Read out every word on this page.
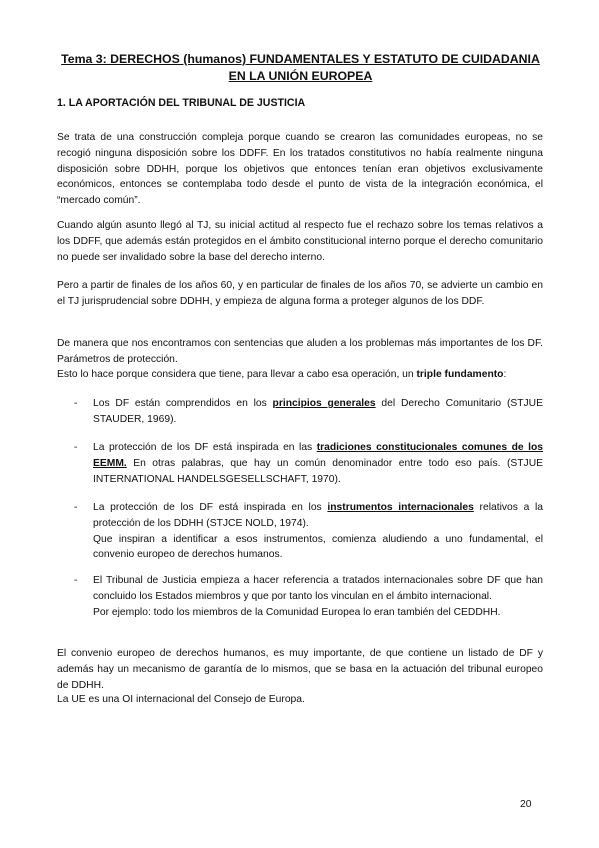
Tema 3: DERECHOS (humanos) FUNDAMENTALES Y ESTATUTO DE CUIDADANIA EN LA UNIÓN EUROPEA
1. LA APORTACIÓN DEL TRIBUNAL DE JUSTICIA

Se trata de una construcción compleja porque cuando se crearon las comunidades europeas, no se recogió ninguna disposición sobre los DDFF. En los tratados constitutivos no había realmente ninguna disposición sobre DDHH, porque los objetivos que entonces tenían eran objetivos exclusivamente económicos, entonces se contemplaba todo desde el punto de vista de la integración económica, el “mercado común”.

Cuando algún asunto llegó al TJ, su inicial actitud al respecto fue el rechazo sobre los temas relativos a los DDFF, que además están protegidos en el ámbito constitucional interno porque el derecho comunitario no puede ser invalidado sobre la base del derecho interno.

Pero a partir de finales de los años 60, y en particular de finales de los años 70, se advierte un cambio en el TJ jurisprudencial sobre DDHH, y empieza de alguna forma a proteger algunos de los DDF.

De manera que nos encontramos con sentencias que aluden a los problemas más importantes de los DF. Parámetros de protección.

Esto lo hace porque considera que tiene, para llevar a cabo esa operación, un triple fundamento:

- Los DF están comprendidos en los principios generales del Derecho Comunitario (STJUE STAUDER, 1969).
- La protección de los DF está inspirada en las tradiciones constitucionales comunes de los EEMM. En otras palabras, que hay un común denominador entre todo eso país. (STJUE INTERNATIONAL HANDELSGESELLSCHAFT, 1970).
- La protección de los DF está inspirada en los instrumentos internacionales relativos a la protección de los DDHH (STJCE NOLD, 1974).
Que inspiran a identificar a esos instrumentos, comienza aludiendo a uno fundamental, el convenio europeo de derechos humanos.
- El Tribunal de Justicia empieza a hacer referencia a tratados internacionales sobre DF que han concluido los Estados miembros y que por tanto los vinculan en el ámbito internacional.
Por ejemplo: todo los miembros de la Comunidad Europea lo eran también del CEDDHH.

El convenio europeo de derechos humanos, es muy importante, de que contiene un listado de DF y además hay un mecanismo de garantía de lo mismos, que se basa en la actuación del tribunal europeo de DDHH.

La UE es una OI internacional del Consejo de Europa.

20
